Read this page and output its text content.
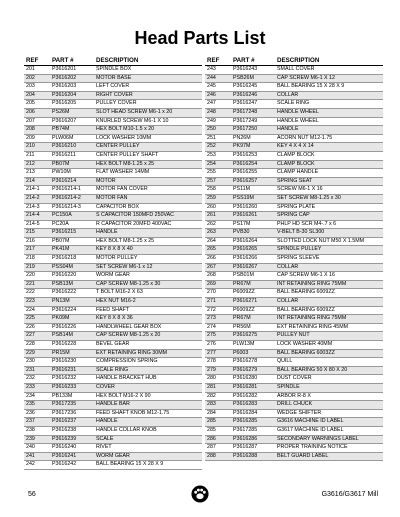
Head Parts List
REF	PART #	DESCRIPTION
201	P3616201	SPINDLE BOX
202	P3616202	MOTOR BASE
203	P3616203	LEFT COVER
204	P3616204	RIGHT COVER
205	P3616205	PULLEY COVER
206	PS26M	SLOT HEAD SCREW M6-1 x 20
207	P3616207	KNURLED SCREW M6-1 X 10
208	PB74M	HEX BOLT M10-1.5 x 20
209	PLW06M	LOCK WASHER 10MM
210	P3616210	CENTER PULLEY
211	P3616211	CENTER PULLEY SHAFT
212	PB07M	HEX BOLT M8-1.25 x 25
213	PW10M	FLAT WASHER 14MM
214	P3616214	MOTOR
214-1	P3616214-1	MOTOR FAN COVER
214-2	P3616214-2	MOTOR FAN
214-3	P3616214-3	CAPACITOR BOX
214-4	PC150A	S CAPACITOR 150MFD 250VAC
214-5	PC20A	R CAPACITOR 20MFD 400VAC
215	P3616215	HANDLE
216	PB07M	HEX BOLT M8-1.25 x 25
217	PK41M	KEY 8 X 8 X 40
218	P3616218	MOTOR PULLEY
219	PSS04M	SET SCREW M6-1 x 12
220	P3616220	WORM GEAR
221	PSB13M	CAP SCREW M8-1.25 x 30
222	P3616222	T BOLT M16-2 X 63
223	PN13M	HEX NUT M16-2
224	P3616224	FEED SHAFT
225	PK09M	KEY 8 X 8 X 36
226	P3616226	HANDLWHEEL GEAR BOX
227	PSB14M	CAP SCREW M8-1.25 x 20
228	P3616228	BEVEL GEAR
229	PR15M	EXT RETAINING RING 30MM
230	P3616230	COMPRESSION SPRING
231	P3616231	SCALE RING
232	P3616232	HANDLE BRACKET HUB
233	P3616233	COVER
234	PB133M	HEX BOLT M16-2 X 90
235	P3617235	HANDLE BAR
236	P3617236	FEED SHAFT KNOB M12-1.75
237	P3616237	HANDLE
238	P3616238	HANDLE COLLAR KNOB
239	P3616239	SCALE
240	P3616240	RIVET
241	P3616241	WORM GEAR
242	P3616242	BALL BEARING 15 X 28 X 9
REF	PART #	DESCRIPTION
243	P3616243	SMALL COVER
244	PSB26M	CAP SCREW M6-1 X 12
245	P3616245	BALL BEARING 15 X 28 X 9
246	P3616246	COLLAR
247	P3616247	SCALE RING
248	P3617248	HANDLE WHEEL
249	P3617249	HANDLE WHEEL
250	P3617250	HANDLE
251	PN26M	ACORN NUT M12-1.75
252	PK97M	KEY 4 X 4 X 14
253	P3616253	CLAMP BLOCK
254	P3616254	CLAMP BLOCK
255	P3616255	CLAMP HANDLE
257	P3616257	SPRING SEAT
258	PS11M	SCREW M6-1 X 16
259	PSS19M	SET SCREW M8-1.25 x 30
260	P3616260	SPRING PLATE
261	P3616261	SPRING CAP
262	PS17M	PHLP HD SCR M4-.7 x 6
263	PVB30	V-BELT B-30 SL300
264	P3616264	SLOTTED LOCK NUT M50 X 1.5MM
265	P3616265	SPINDLE PULLEY
266	P3616266	SPRING SLEEVE
267	P3616267	COLLAR
268	PSB01M	CAP SCREW M6-1 X 16
269	PR67M	INT RETAINING RING 75MM
270	P6009ZZ	BALL BEARING 6009ZZ
271	P3616271	COLLAR
272	P6009ZZ	BALL BEARING 6009ZZ
273	PR67M	INT RETAINING RING 75MM
274	PR56M	EXT RETAINING RING 45MM
275	P3616275	PULLEY NUT
276	PLW13M	LOCK WASHER 40MM
277	P6003	BALL BEARING 6003ZZ
278	P3616278	QUILL
279	P3616279	BALL BEARING 50 X 80 X 20
280	P3616280	DUST COVER
281	P3616281	SPINDLE
282	P3616282	ARBOR R-8 X
283	P3616283	DRILL CHUCK
284	P3616284	WEDGE SHIFTER
285	P3616285	G3616 MACHINE ID LABEL
285	P3617285	G3617 MACHINE ID LABEL
286	P3616286	SECONDARY WARNINGS LABEL
287	P3616287	PROPER TRAINING NOTICE
288	P3616288	BELT GUARD LABEL
56	G3616/G3617 Mill
